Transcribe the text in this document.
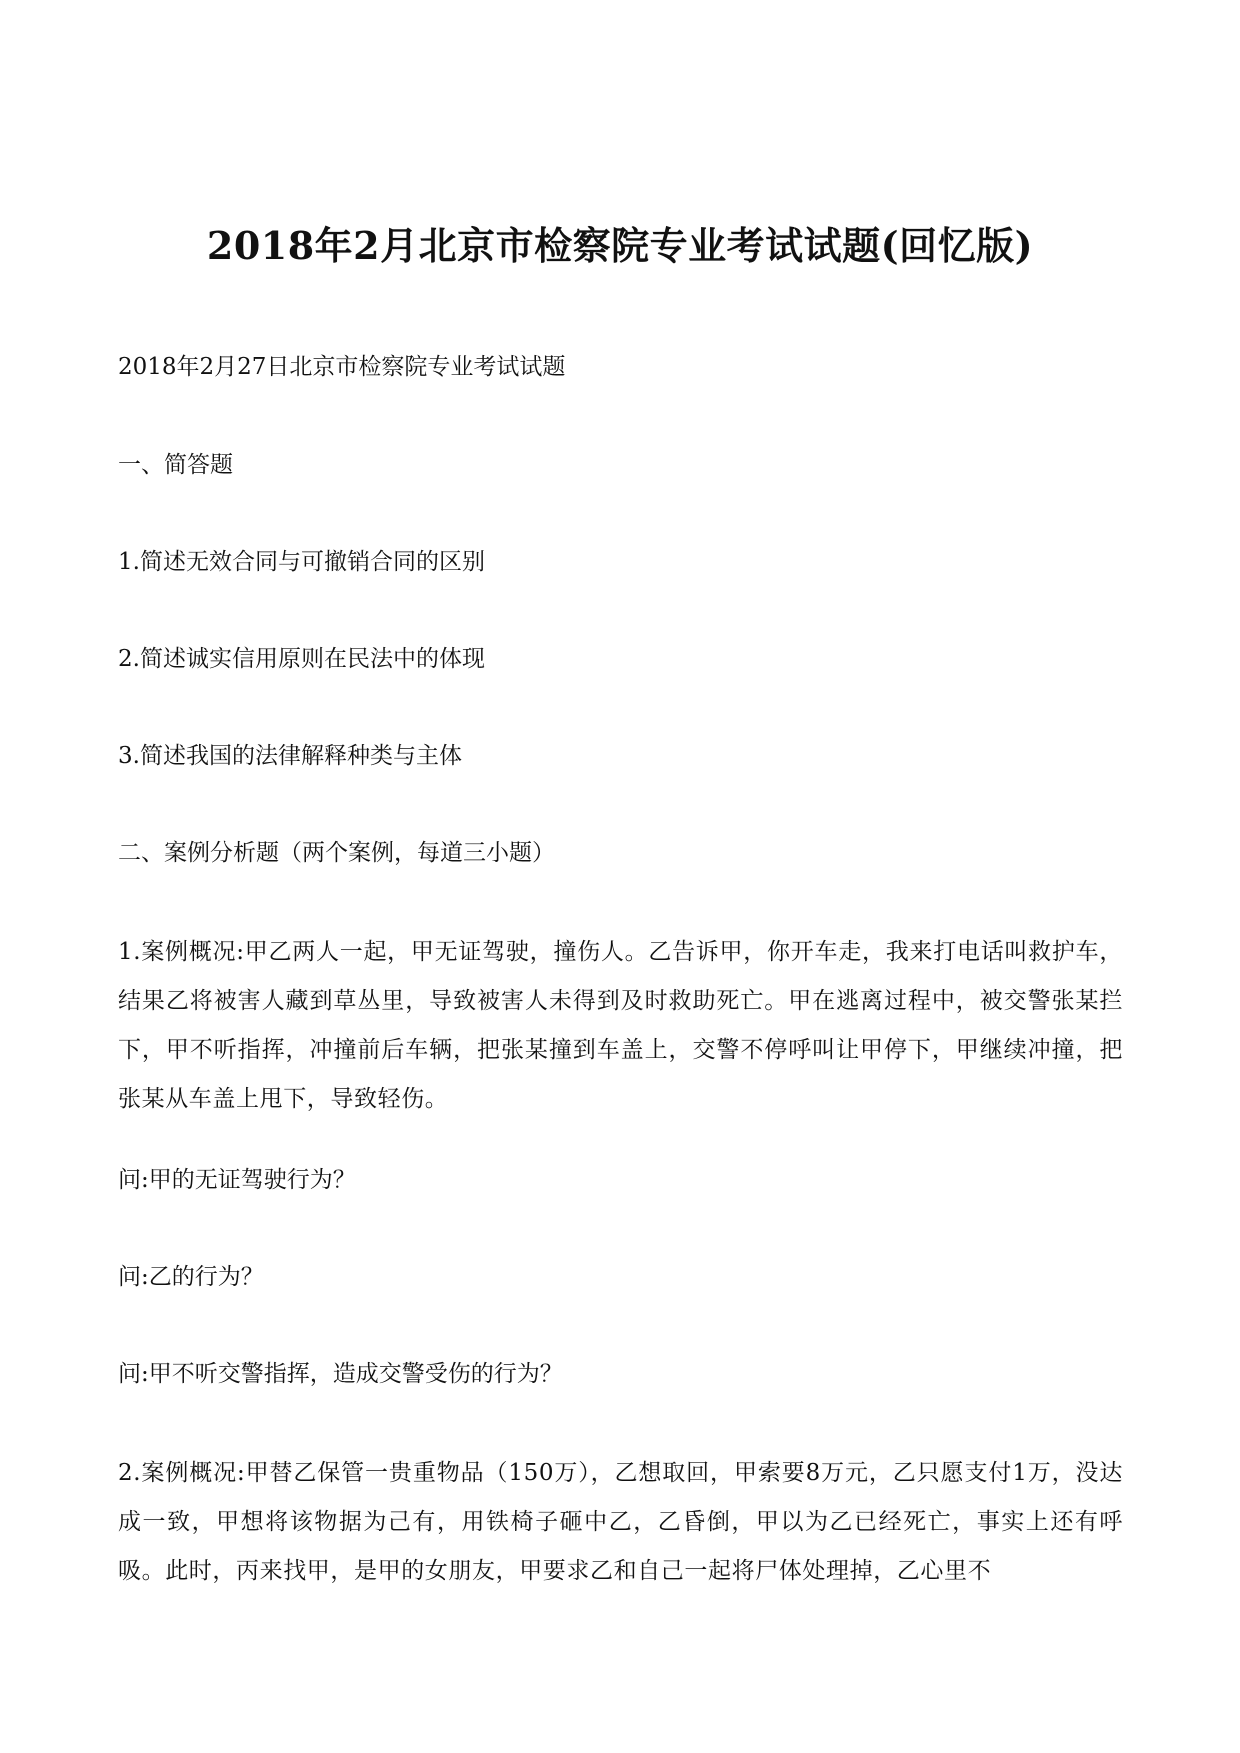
2018年2月北京市检察院专业考试试题(回忆版)

2018年2月27日北京市检察院专业考试试题

一、简答题

1.简述无效合同与可撤销合同的区别

2.简述诚实信用原则在民法中的体现

3.简述我国的法律解释种类与主体

二、案例分析题（两个案例，每道三小题）

1.案例概况:甲乙两人一起，甲无证驾驶，撞伤人。乙告诉甲，你开车走，我来打电话叫救护车，结果乙将被害人藏到草丛里，导致被害人未得到及时救助死亡。甲在逃离过程中，被交警张某拦下，甲不听指挥，冲撞前后车辆，把张某撞到车盖上，交警不停呼叫让甲停下，甲继续冲撞，把张某从车盖上甩下，导致轻伤。

问:甲的无证驾驶行为？

问:乙的行为？

问:甲不听交警指挥，造成交警受伤的行为？

2.案例概况:甲替乙保管一贵重物品（150万），乙想取回，甲索要8万元，乙只愿支付1万，没达成一致，甲想将该物据为己有，用铁椅子砸中乙，乙昏倒，甲以为乙已经死亡，事实上还有呼吸。此时，丙来找甲，是甲的女朋友，甲要求乙和自己一起将尸体处理掉，乙心里不
